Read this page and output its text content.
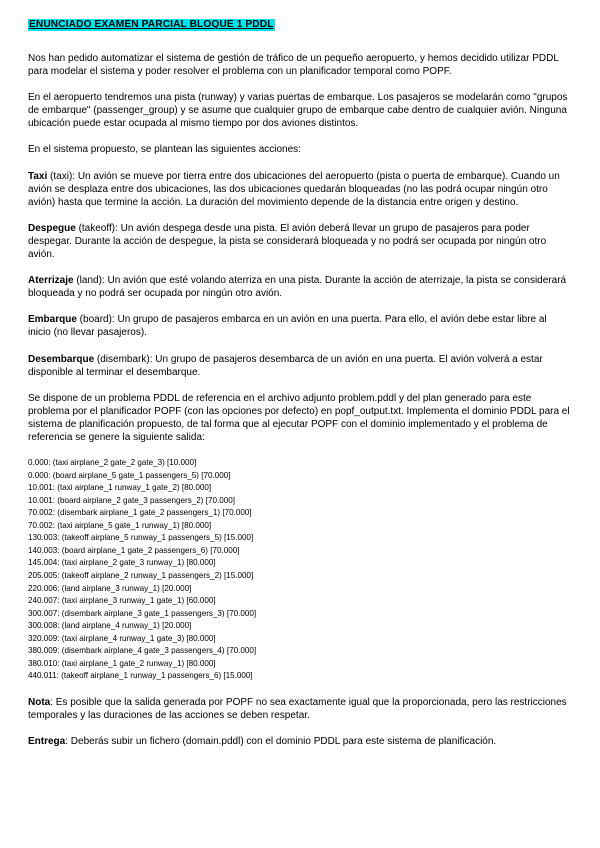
ENUNCIADO EXAMEN PARCIAL BLOQUE 1 PDDL

Nos han pedido automatizar el sistema de gestión de tráfico de un pequeño aeropuerto, y hemos decidido utilizar PDDL para modelar el sistema y poder resolver el problema con un planificador temporal como POPF.

En el aeropuerto tendremos una pista (runway) y varias puertas de embarque. Los pasajeros se modelarán como "grupos de embarque" (passenger_group) y se asume que cualquier grupo de embarque cabe dentro de cualquier avión. Ninguna ubicación puede estar ocupada al mismo tiempo por dos aviones distintos.

En el sistema propuesto, se plantean las siguientes acciones:

Taxi (taxi): Un avión se mueve por tierra entre dos ubicaciones del aeropuerto (pista o puerta de embarque). Cuando un avión se desplaza entre dos ubicaciones, las dos ubicaciones quedarán bloqueadas (no las podrá ocupar ningún otro avión) hasta que termine la acción. La duración del movimiento depende de la distancia entre origen y destino.

Despegue (takeoff): Un avión despega desde una pista. El avión deberá llevar un grupo de pasajeros para poder despegar. Durante la acción de despegue, la pista se considerará bloqueada y no podrá ser ocupada por ningún otro avión.

Aterrizaje (land): Un avión que esté volando aterriza en una pista. Durante la acción de aterrizaje, la pista se considerará bloqueada y no podrá ser ocupada por ningún otro avión.

Embarque (board): Un grupo de pasajeros embarca en un avión en una puerta. Para ello, el avión debe estar libre al inicio (no llevar pasajeros).

Desembarque (disembark): Un grupo de pasajeros desembarca de un avión en una puerta. El avión volverá a estar disponible al terminar el desembarque.

Se dispone de un problema PDDL de referencia en el archivo adjunto problem.pddl y del plan generado para este problema por el planificador POPF (con las opciones por defecto) en popf_output.txt. Implementa el dominio PDDL para el sistema de planificación propuesto, de tal forma que al ejecutar POPF con el dominio implementado y el problema de referencia se genere la siguiente salida:

0.000: (taxi airplane_2 gate_2 gate_3) [10.000]
0.000: (board airplane_5 gate_1 passengers_5) [70.000]
10.001: (taxi airplane_1 runway_1 gate_2) [80.000]
10.001: (board airplane_2 gate_3 passengers_2) [70.000]
70.002: (disembark airplane_1 gate_2 passengers_1) [70.000]
70.002: (taxi airplane_5 gate_1 runway_1) [80.000]
130.003: (takeoff airplane_5 runway_1 passengers_5) [15.000]
140.003: (board airplane_1 gate_2 passengers_6) [70.000]
145.004: (taxi airplane_2 gate_3 runway_1) [80.000]
205.005: (takeoff airplane_2 runway_1 passengers_2) [15.000]
220.006: (land airplane_3 runway_1) [20.000]
240.007: (taxi airplane_3 runway_1 gate_1) [60.000]
300.007: (disembark airplane_3 gate_1 passengers_3) [70.000]
300.008: (land airplane_4 runway_1) [20.000]
320.009: (taxi airplane_4 runway_1 gate_3) [80.000]
380.009: (disembark airplane_4 gate_3 passengers_4) [70.000]
380.010: (taxi airplane_1 gate_2 runway_1) [80.000]
440.011: (takeoff airplane_1 runway_1 passengers_6) [15.000]

Nota: Es posible que la salida generada por POPF no sea exactamente igual que la proporcionada, pero las restricciones temporales y las duraciones de las acciones se deben respetar.

Entrega: Deberás subir un fichero (domain.pddl) con el dominio PDDL para este sistema de planificación.
